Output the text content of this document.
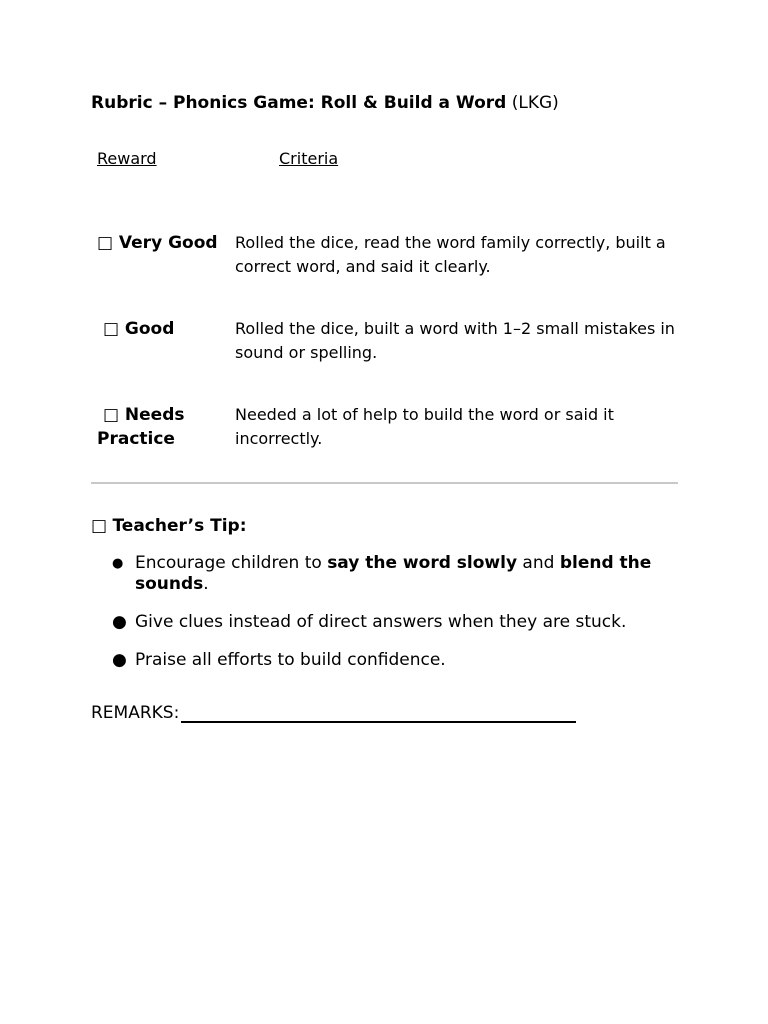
Rubric – Phonics Game: Roll & Build a Word (LKG)
Reward	Criteria
□ Very Good Rolled the dice, read the word family correctly, built a correct word, and said it clearly.
□ Good	Rolled the dice, built a word with 1–2 small mistakes in sound or spelling.
□ Needs
Practice
Needed a lot of help to build the word or said it incorrectly.
□ Teacher’s Tip:
● Encourage children to say the word slowly and blend the sounds.
● Give clues instead of direct answers when they are stuck.
● Praise all efforts to build confidence.
REMARKS:
